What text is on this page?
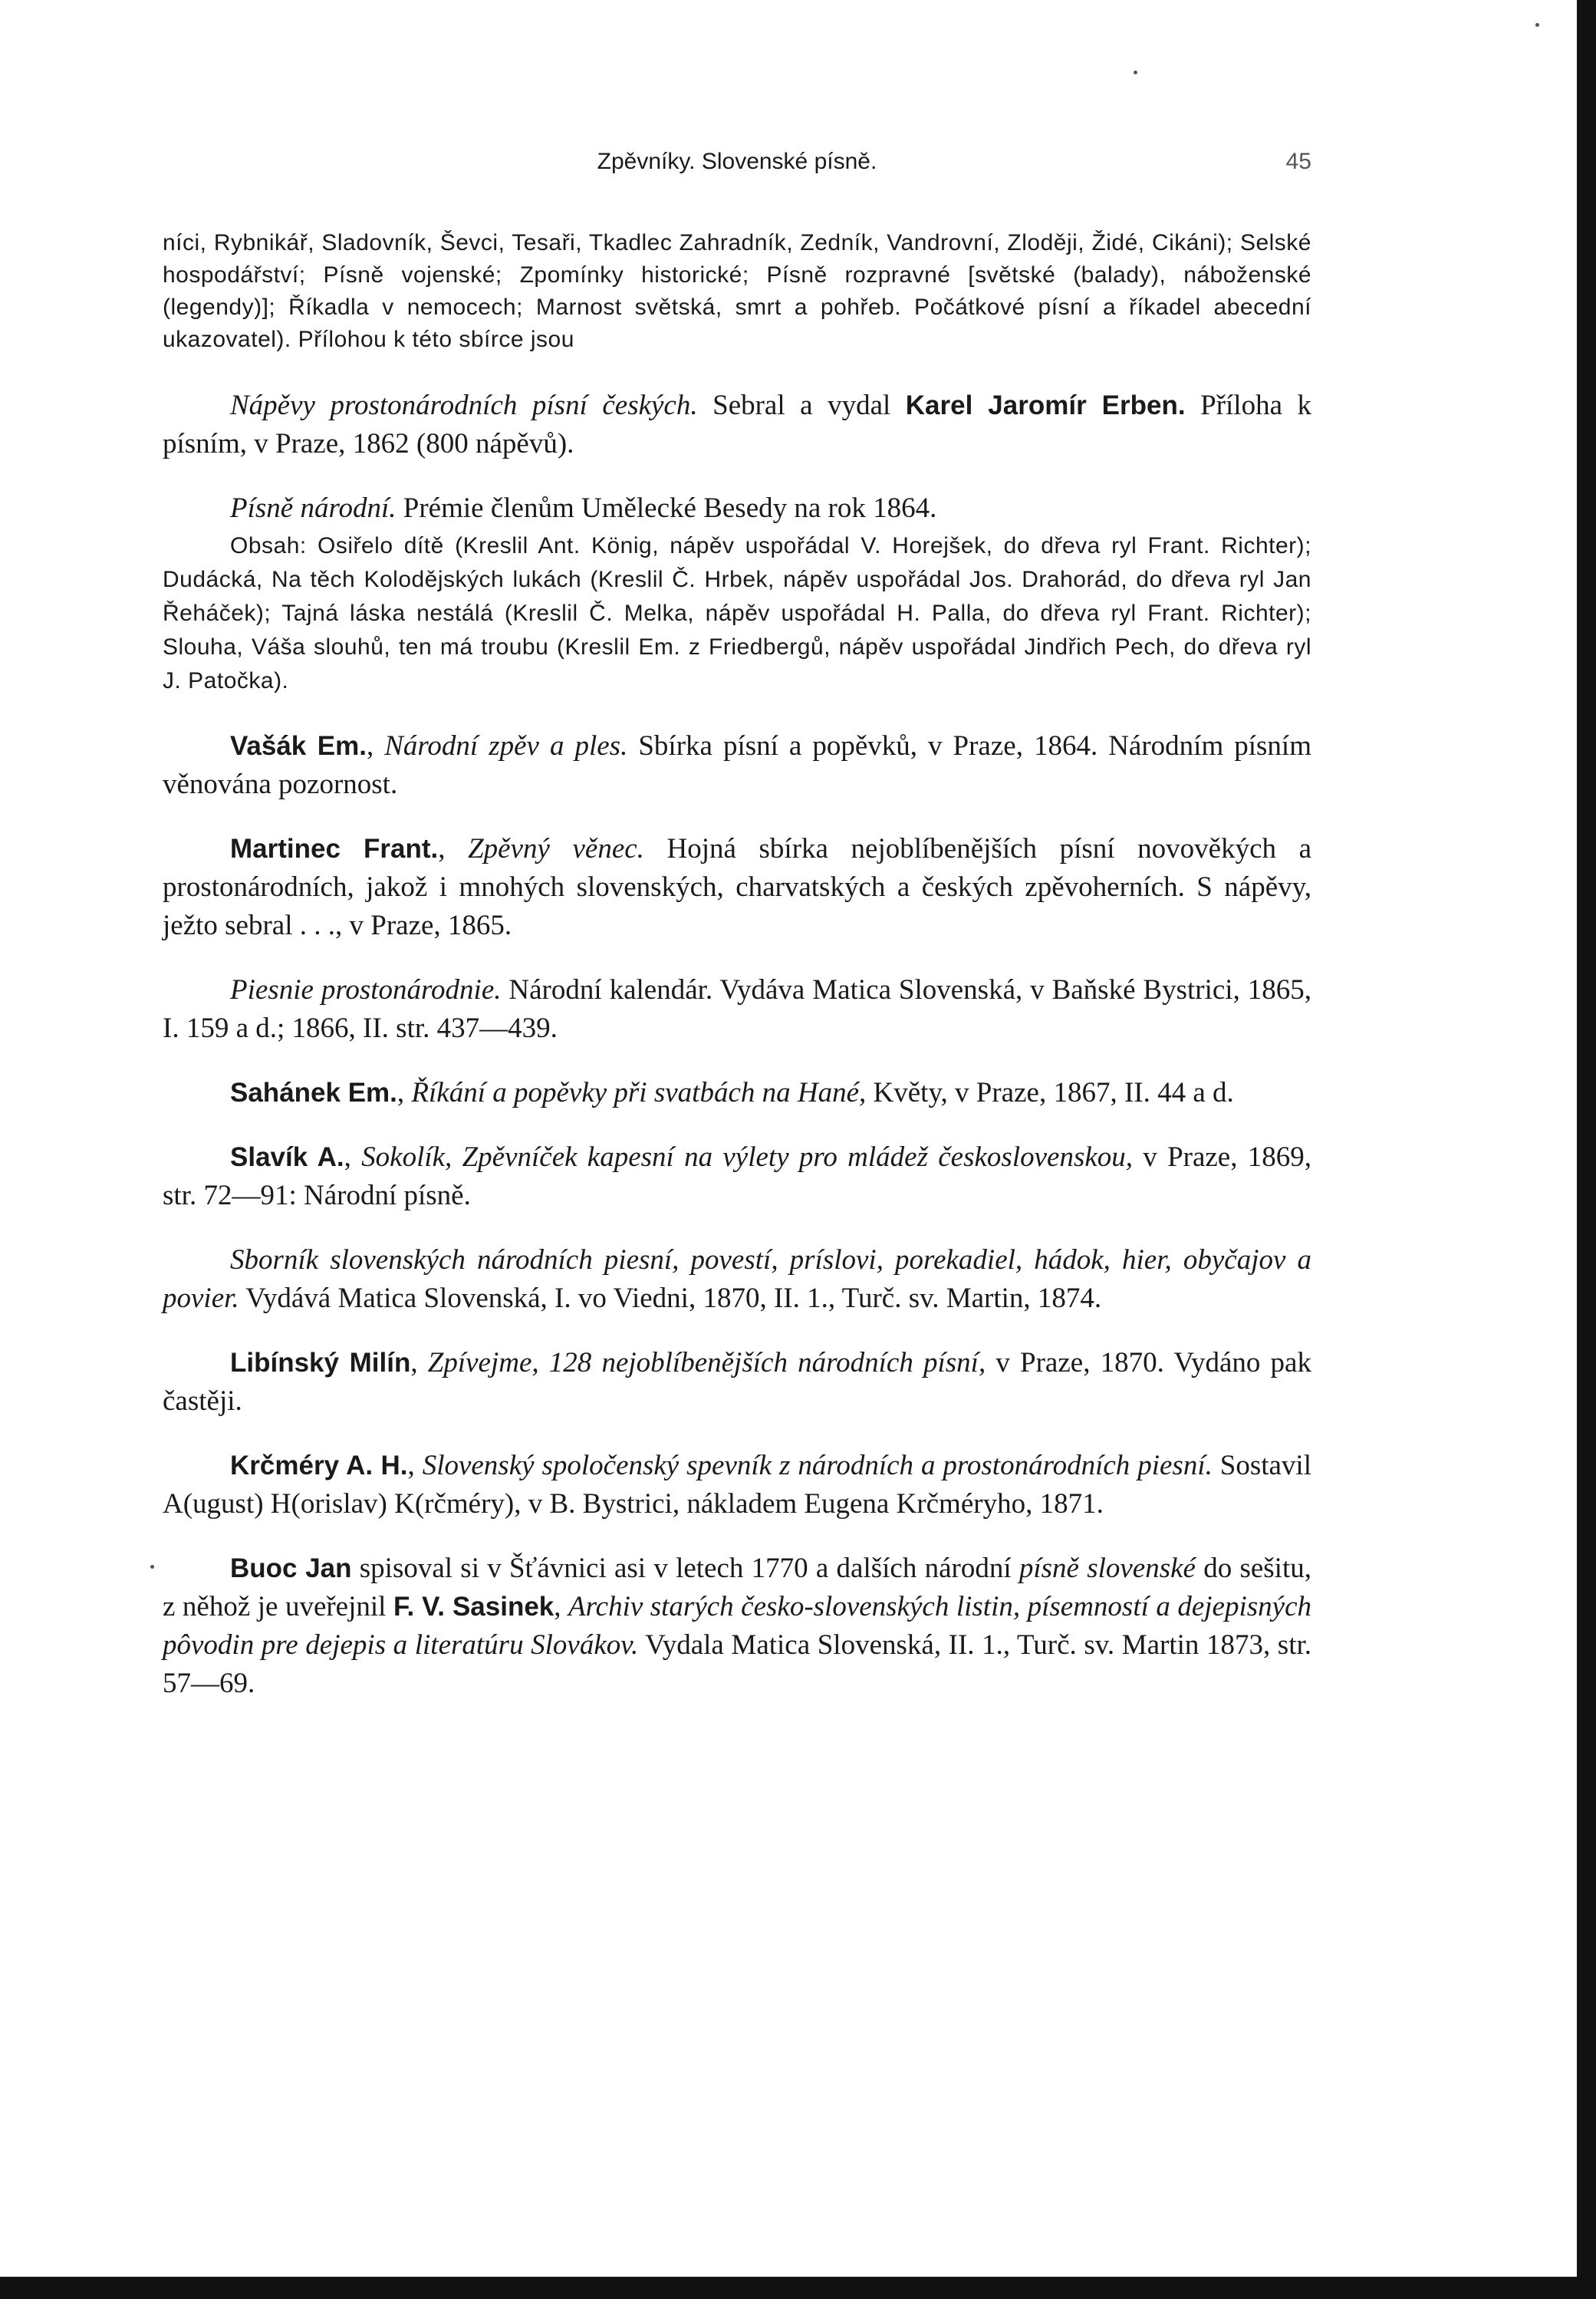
Zpěvníky. Slovenské písně.	45
níci, Rybnikář, Sladovník, Ševci, Tesaři, Tkadlec Zahradník, Zedník, Vandrovní, Zloději, Židé, Cikáni); Selské hospodářství; Písně vojenské; Zpomínky historické; Písně rozpravné [světské (balady), náboženské (legendy)]; Říkadla v nemocech; Marnost světská, smrt a pohřeb. Počátkové písní a říkadel abecední ukazovatel). Přílohou k této sbírce jsou

Nápěvy prostonárodních písní českých. Sebral a vydal Karel Jaromír Erben. Příloha k písním, v Praze, 1862 (800 nápěvů).

Písně národní. Prémie členům Umělecké Besedy na rok 1864.

Obsah: Osiřelo dítě (Kreslil Ant. König, nápěv uspořádal V. Horejšek, do dřeva ryl Frant. Richter); Dudácká, Na těch Kolodějských lukách (Kreslil Č. Hrbek, nápěv uspořádal Jos. Drahorád, do dřeva ryl Jan Řeháček); Tajná láska nestálá (Kreslil Č. Melka, nápěv uspořádal H. Palla, do dřeva ryl Frant. Richter); Slouha, Váša slouhů, ten má troubu (Kreslil Em. z Friedbergů, nápěv uspořádal Jindřich Pech, do dřeva ryl J. Patočka).

Vašák Em., Národní zpěv a ples. Sbírka písní a popěvků, v Praze, 1864. Národním písním věnována pozornost.

Martinec Frant., Zpěvný věnec. Hojná sbírka nejoblíbenějších písní novověkých a prostonárodních, jakož i mnohých slovenských, charvatských a českých zpěvoherních. S nápěvy, ježto sebral . . ., v Praze, 1865.

Piesnie prostonárodnie. Národní kalendár. Vydáva Matica Slovenská, v Baňské Bystrici, 1865, I. 159 a d.; 1866, II. str. 437—439.

Sahánek Em., Říkání a popěvky při svatbách na Hané, Květy, v Praze, 1867, II. 44 a d.

Slavík A., Sokolík, Zpěvníček kapesní na výlety pro mládež československou, v Praze, 1869, str. 72—91: Národní písně.

Sborník slovenských národních piesní, povestí, príslovi, porekadiel, hádok, hier, obyčajov a povier. Vydává Matica Slovenská, I. vo Viedni, 1870, II. 1., Turč. sv. Martin, 1874.

Libínský Milín, Zpívejme, 128 nejoblíbenějších národních písní, v Praze, 1870. Vydáno pak častěji.

Krčméry A. H., Slovenský spoločenský spevník z národních a prostonárodních piesní. Sostavil A(ugust) H(orislav) K(rčméry), v B. Bystrici, nákladem Eugena Krčméryho, 1871.

Buoc Jan spisoval si v Šťávnici asi v letech 1770 a dalších národní písně slovenské do sešitu, z něhož je uveřejnil F. V. Sasinek, Archiv starých česko-slovenských listin, písemností a dejepisných pôvodin pre dejepis a literatúru Slovákov. Vydala Matica Slovenská, II. 1., Turč. sv. Martin 1873, str. 57—69.
